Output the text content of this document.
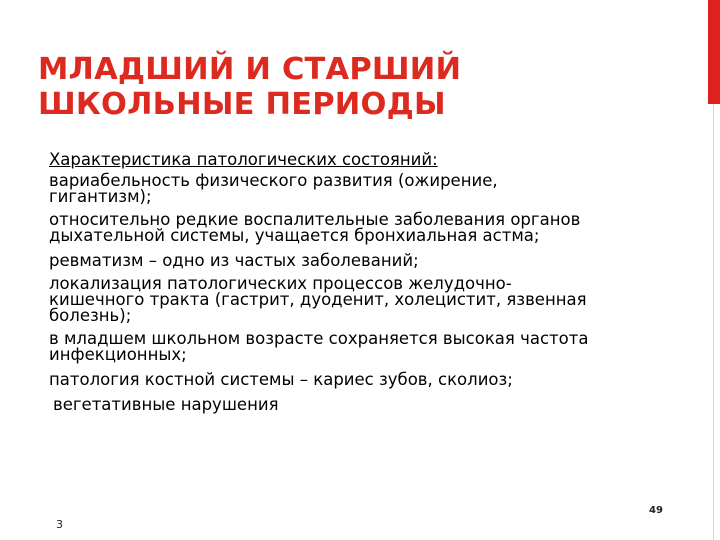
МЛАДШИЙ И СТАРШИЙ
ШКОЛЬНЫЕ ПЕРИОДЫ

Характеристика патологических состояний:

вариабельность физического развития (ожирение,
гигантизм);

относительно редкие воспалительные заболевания органов
дыхательной системы, учащается бронхиальная астма;

ревматизм – одно из частых заболеваний;

локализация патологических процессов желудочно-
кишечного тракта (гастрит, дуоденит, холецистит, язвенная
болезнь);

в младшем школьном возрасте сохраняется высокая частота
инфекционных;

патология костной системы – кариес зубов, сколиоз;

вегетативные нарушения

3
49
